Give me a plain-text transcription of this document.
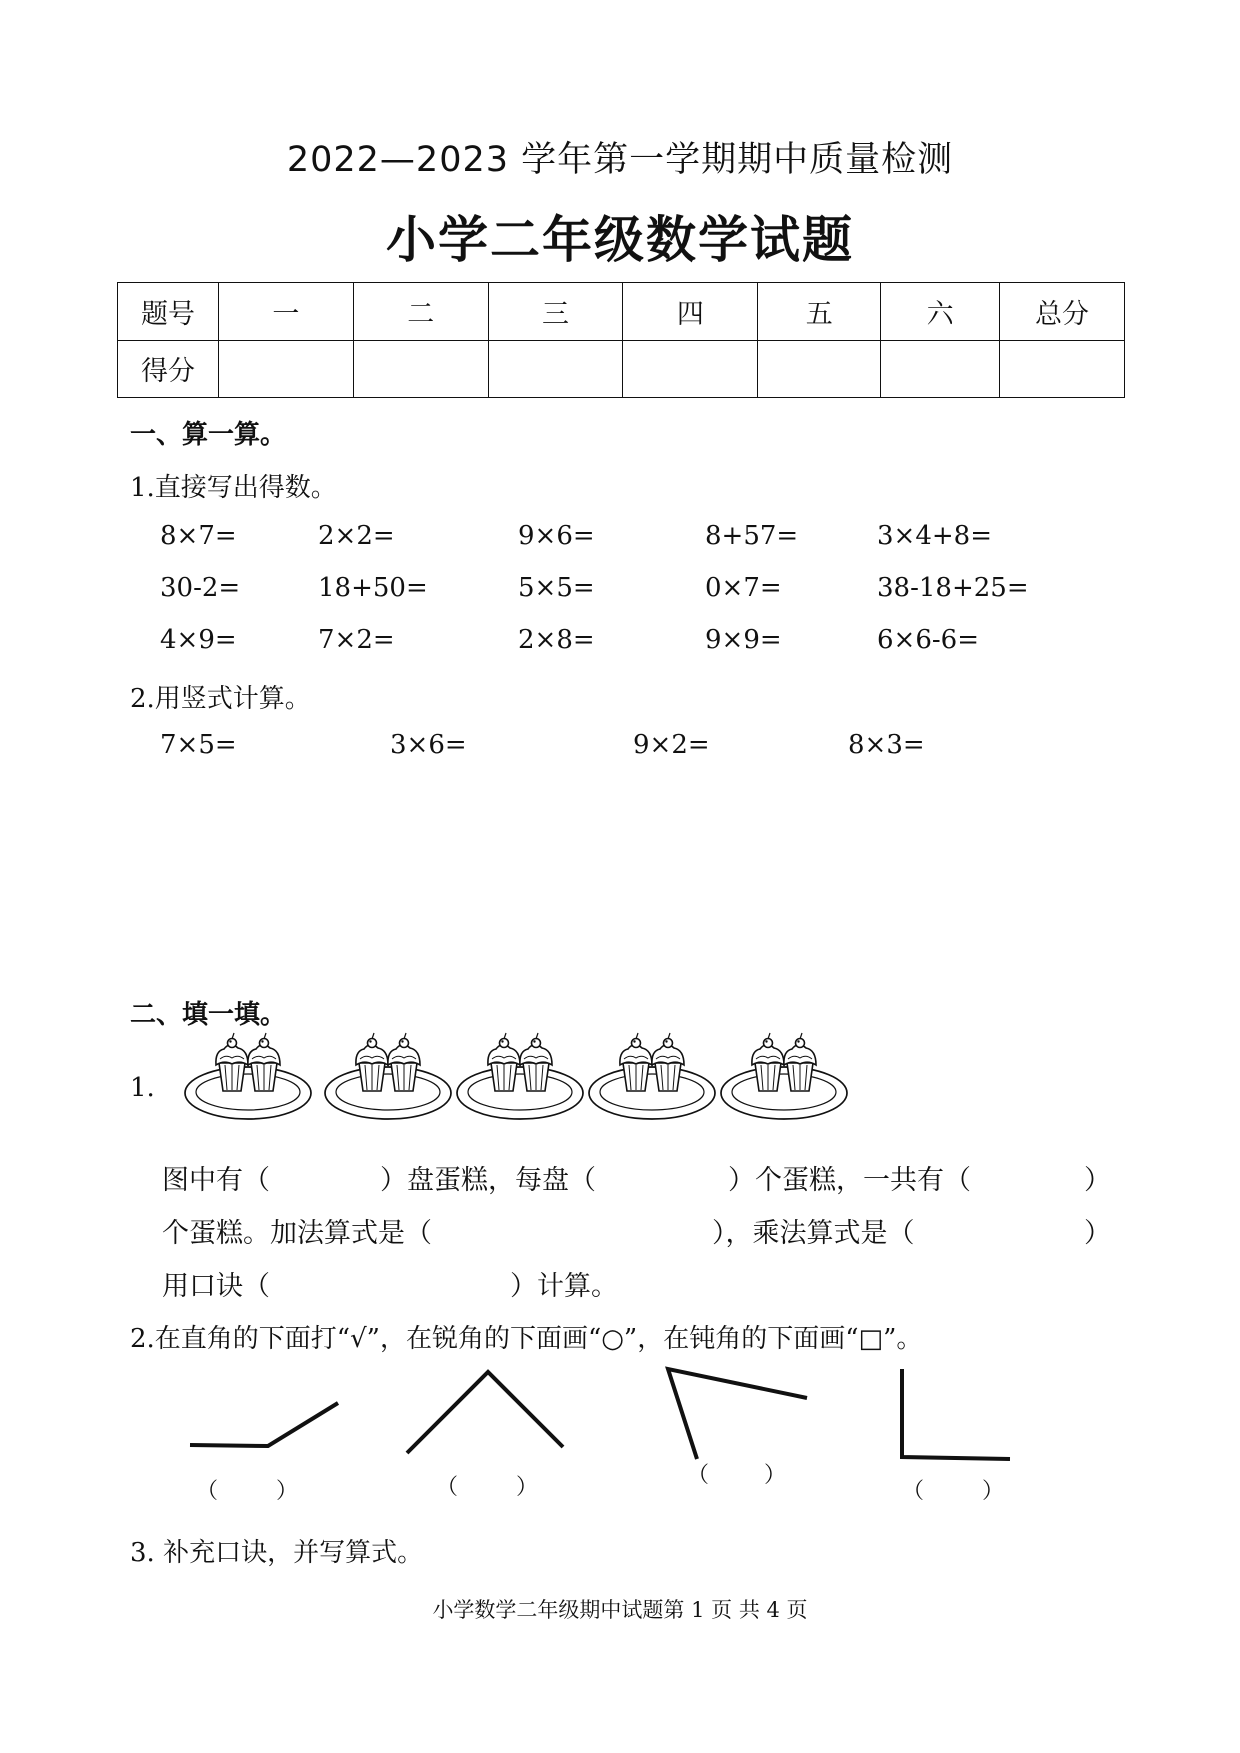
2022—2023 学年第一学期期中质量检测
小学二年级数学试题
题号	一	二	三	四	五	六	总分
得分							
一、算一算。
1.直接写出得数。
8×7=	2×2=	9×6=	8+57=	3×4+8=
30-2=	18+50=	5×5=	0×7=	38-18+25=
4×9=	7×2=	2×8=	9×9=	6×6-6=
2.用竖式计算。
7×5=	3×6=	9×2=	8×3=
二、填一填。
1.
图中有（	）盘蛋糕，每盘（	）个蛋糕，一共有（	）
个蛋糕。加法算式是（	），乘法算式是（	）
用口诀（	）计算。
2.在直角的下面打“√”，在锐角的下面画“○”，在钝角的下面画“□”。
（	）	（	）	（ ）
（	）
3. 补充口诀，并写算式。
小学数学二年级期中试题第 1 页 共 4 页
